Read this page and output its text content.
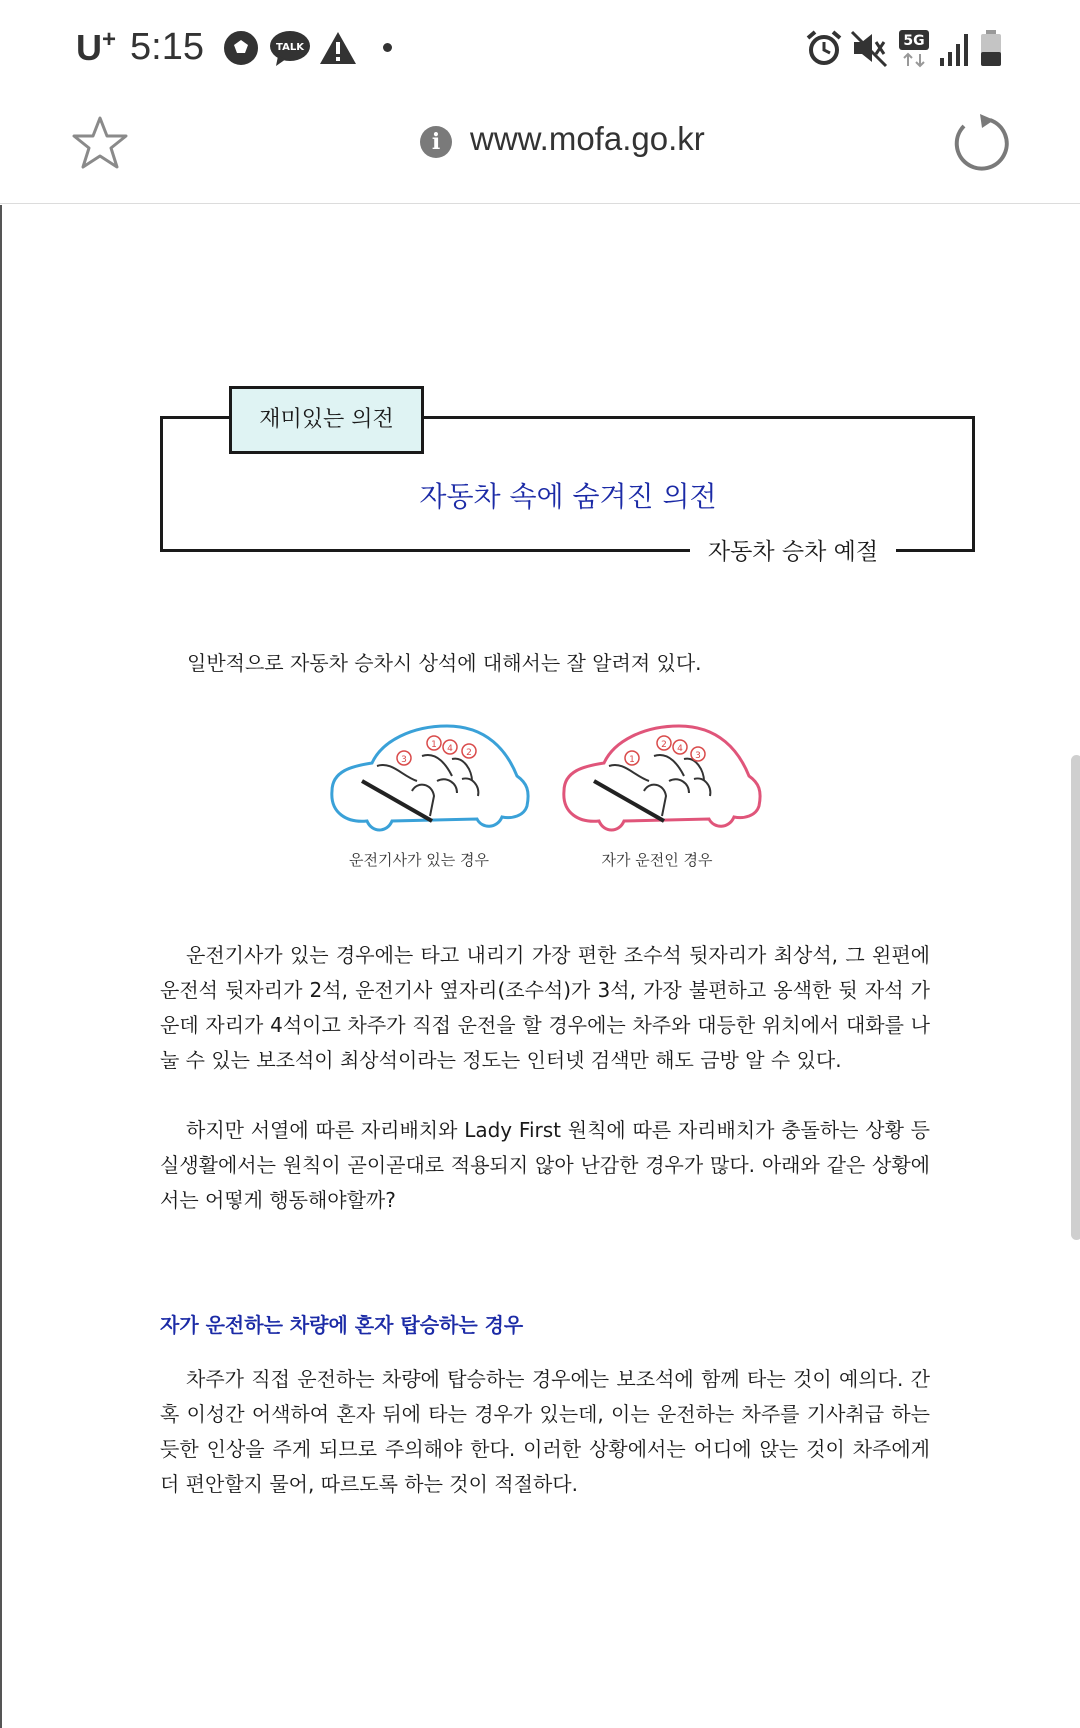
U+ 5:15	TALK	5G
i www.mofa.go.kr
재미있는 의전
자동차 속에 숨겨진 의전
자동차 승차 예절
일반적으로 자동차 승차시 상석에 대해서는 잘 알려져 있다.
3
1 4 2
운전기사가 있는 경우
1
2 4
3
자가 운전인 경우
운전기사가 있는 경우에는 타고 내리기 가장 편한 조수석 뒷자리가 최상석, 그 왼편에 운전석 뒷자리가 2석, 운전기사 옆자리(조수석)가 3석, 가장 불편하고 옹색한 뒷 자석 가운데 자리가 4석이고 차주가 직접 운전을 할 경우에는 차주와 대등한 위치에서 대화를 나눌 수 있는 보조석이 최상석이라는 정도는 인터넷 검색만 해도 금방 알 수 있다.
하지만 서열에 따른 자리배치와 Lady First 원칙에 따른 자리배치가 충돌하는 상황 등 실생활에서는 원칙이 곧이곧대로 적용되지 않아 난감한 경우가 많다. 아래와 같은 상황에서는 어떻게 행동해야할까?
자가 운전하는 차량에 혼자 탑승하는 경우
차주가 직접 운전하는 차량에 탑승하는 경우에는 보조석에 함께 타는 것이 예의다. 간혹 이성간 어색하여 혼자 뒤에 타는 경우가 있는데, 이는 운전하는 차주를 기사취급 하는듯한 인상을 주게 되므로 주의해야 한다. 이러한 상황에서는 어디에 앉는 것이 차주에게 더 편안할지 물어, 따르도록 하는 것이 적절하다.
